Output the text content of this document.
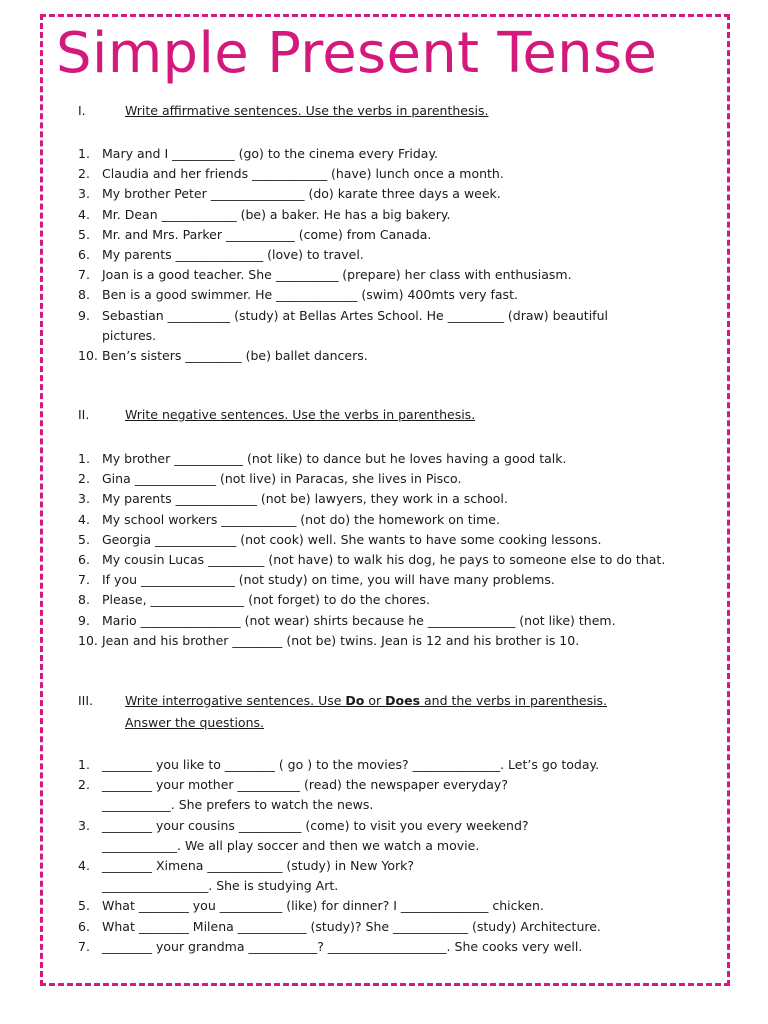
Simple Present Tense
I.	Write affirmative sentences. Use the verbs in parenthesis.
1. Mary and I __________ (go) to the cinema every Friday.
2. Claudia and her friends ____________ (have) lunch once a month.
3. My brother Peter _______________ (do) karate three days a week.
4. Mr. Dean ____________ (be) a baker. He has a big bakery.
5. Mr. and Mrs. Parker ___________ (come) from Canada.
6. My parents ______________ (love) to travel.
7. Joan is a good teacher. She __________ (prepare) her class with enthusiasm.
8. Ben is a good swimmer. He _____________ (swim) 400mts very fast.
9. Sebastian __________ (study) at Bellas Artes School. He _________ (draw) beautiful
pictures.
10. Ben’s sisters _________ (be) ballet dancers.
II.	Write negative sentences. Use the verbs in parenthesis.
1. My brother ___________ (not like) to dance but he loves having a good talk.
2. Gina _____________ (not live) in Paracas, she lives in Pisco.
3. My parents _____________ (not be) lawyers, they work in a school.
4. My school workers ____________ (not do) the homework on time.
5. Georgia _____________ (not cook) well. She wants to have some cooking lessons.
6. My cousin Lucas _________ (not have) to walk his dog, he pays to someone else to do that.
7. If you _______________ (not study) on time, you will have many problems.
8. Please, _______________ (not forget) to do the chores.
9. Mario ________________ (not wear) shirts because he ______________ (not like) them.
10. Jean and his brother ________ (not be) twins. Jean is 12 and his brother is 10.
III.	Write interrogative sentences. Use Do or Does and the verbs in parenthesis.
Answer the questions.
1. ________ you like to ________ ( go ) to the movies? ______________. Let’s go today.
2. ________ your mother __________ (read) the newspaper everyday?
___________. She prefers to watch the news.
3. ________ your cousins __________ (come) to visit you every weekend?
____________. We all play soccer and then we watch a movie.
4. ________ Ximena ____________ (study) in New York?
_________________. She is studying Art.
5. What ________ you __________ (like) for dinner? I ______________ chicken.
6. What ________ Milena ___________ (study)? She ____________ (study) Architecture.
7. ________ your grandma ___________? ___________________. She cooks very well.
